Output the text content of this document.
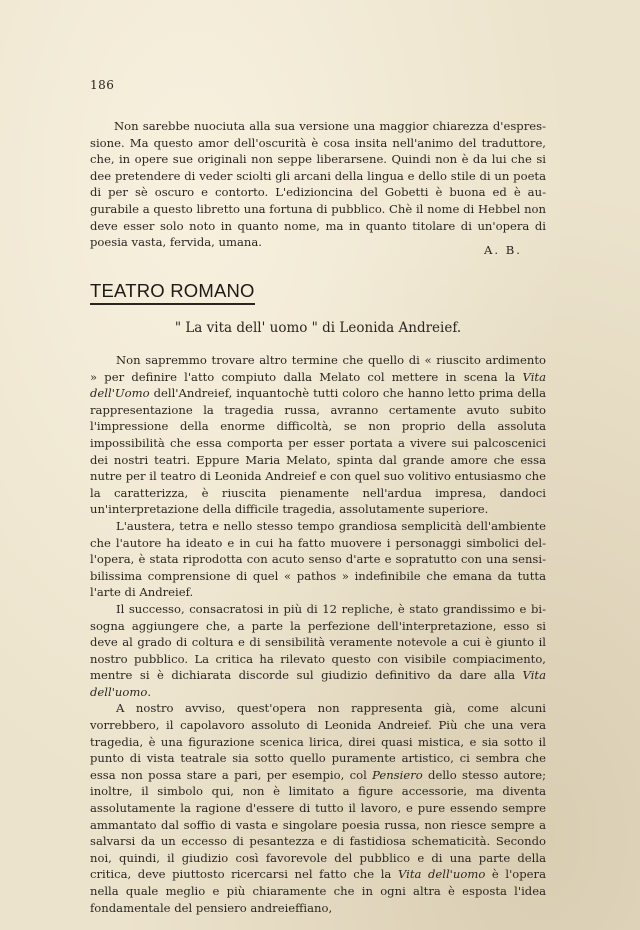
186

Non sarebbe nuociuta alla sua versione una maggior chiarezza d'espressione. Ma questo amor dell'oscurità è cosa insita nell'animo del traduttore, che, in opere sue originali non seppe liberarsene. Quindi non è da lui che si dee pretendere di veder sciolti gli arcani della lingua e dello stile di un poeta di per sè oscuro e contorto. L'edizioncina del Gobetti è buona ed è augurabile a questo libretto una fortuna di pubblico. Chè il nome di Hebbel non deve esser solo noto in quanto nome, ma in quanto titolare di un'opera di poesia vasta, fervida, umana.

A. B.
TEATRO ROMANO
" La vita dell' uomo " di Leonida Andreief.

Non sapremmo trovare altro termine che quello di « riuscito ardimento » per definire l'atto compiuto dalla Melato col mettere in scena la Vita dell'Uomo dell'Andreief, inquantochè tutti coloro che hanno letto prima della rappresentazione la tragedia russa, avranno certamente avuto subito l'impressione della enorme difficoltà, se non proprio della assoluta impossibilità che essa comporta per esser portata a vivere sui palcoscenici dei nostri teatri. Eppure Maria Melato, spinta dal grande amore che essa nutre per il teatro di Leonida Andreief e con quel suo volitivo entusiasmo che la caratterizza, è riuscita pienamente nell'ardua impresa, dandoci un'interpretazione della difficile tragedia, assolutamente superiore.

L'austera, tetra e nello stesso tempo grandiosa semplicità dell'ambiente che l'autore ha ideato e in cui ha fatto muovere i personaggi simbolici dell'opera, è stata riprodotta con acuto senso d'arte e sopratutto con una sensibilissima comprensione di quel « pathos » indefinibile che emana da tutta l'arte di Andreief.

Il successo, consacratosi in più di 12 repliche, è stato grandissimo e bisogna aggiungere che, a parte la perfezione dell'interpretazione, esso si deve al grado di coltura e di sensibilità veramente notevole a cui è giunto il nostro pubblico. La critica ha rilevato questo con visibile compiacimento, mentre si è dichiarata discorde sul giudizio definitivo da dare alla Vita dell'uomo.

A nostro avviso, quest'opera non rappresenta già, come alcuni vorrebbero, il capolavoro assoluto di Leonida Andreief. Più che una vera tragedia, è una figurazione scenica lirica, direi quasi mistica, e sia sotto il punto di vista teatrale sia sotto quello puramente artistico, ci sembra che essa non possa stare a pari, per esempio, col Pensiero dello stesso autore; inoltre, il simbolo qui, non è limitato a figure accessorie, ma diventa assolutamente la ragione d'essere di tutto il lavoro, e pure essendo sempre ammantato dal soffio di vasta e singolare poesia russa, non riesce sempre a salvarsi da un eccesso di pesantezza e di fastidiosa schematicità. Secondo noi, quindi, il giudizio così favorevole del pubblico e di una parte della critica, deve piuttosto ricercarsi nel fatto che la Vita dell'uomo è l'opera nella quale meglio e più chiaramente che in ogni altra è esposta l'idea fondamentale del pensiero andreieffiano,
